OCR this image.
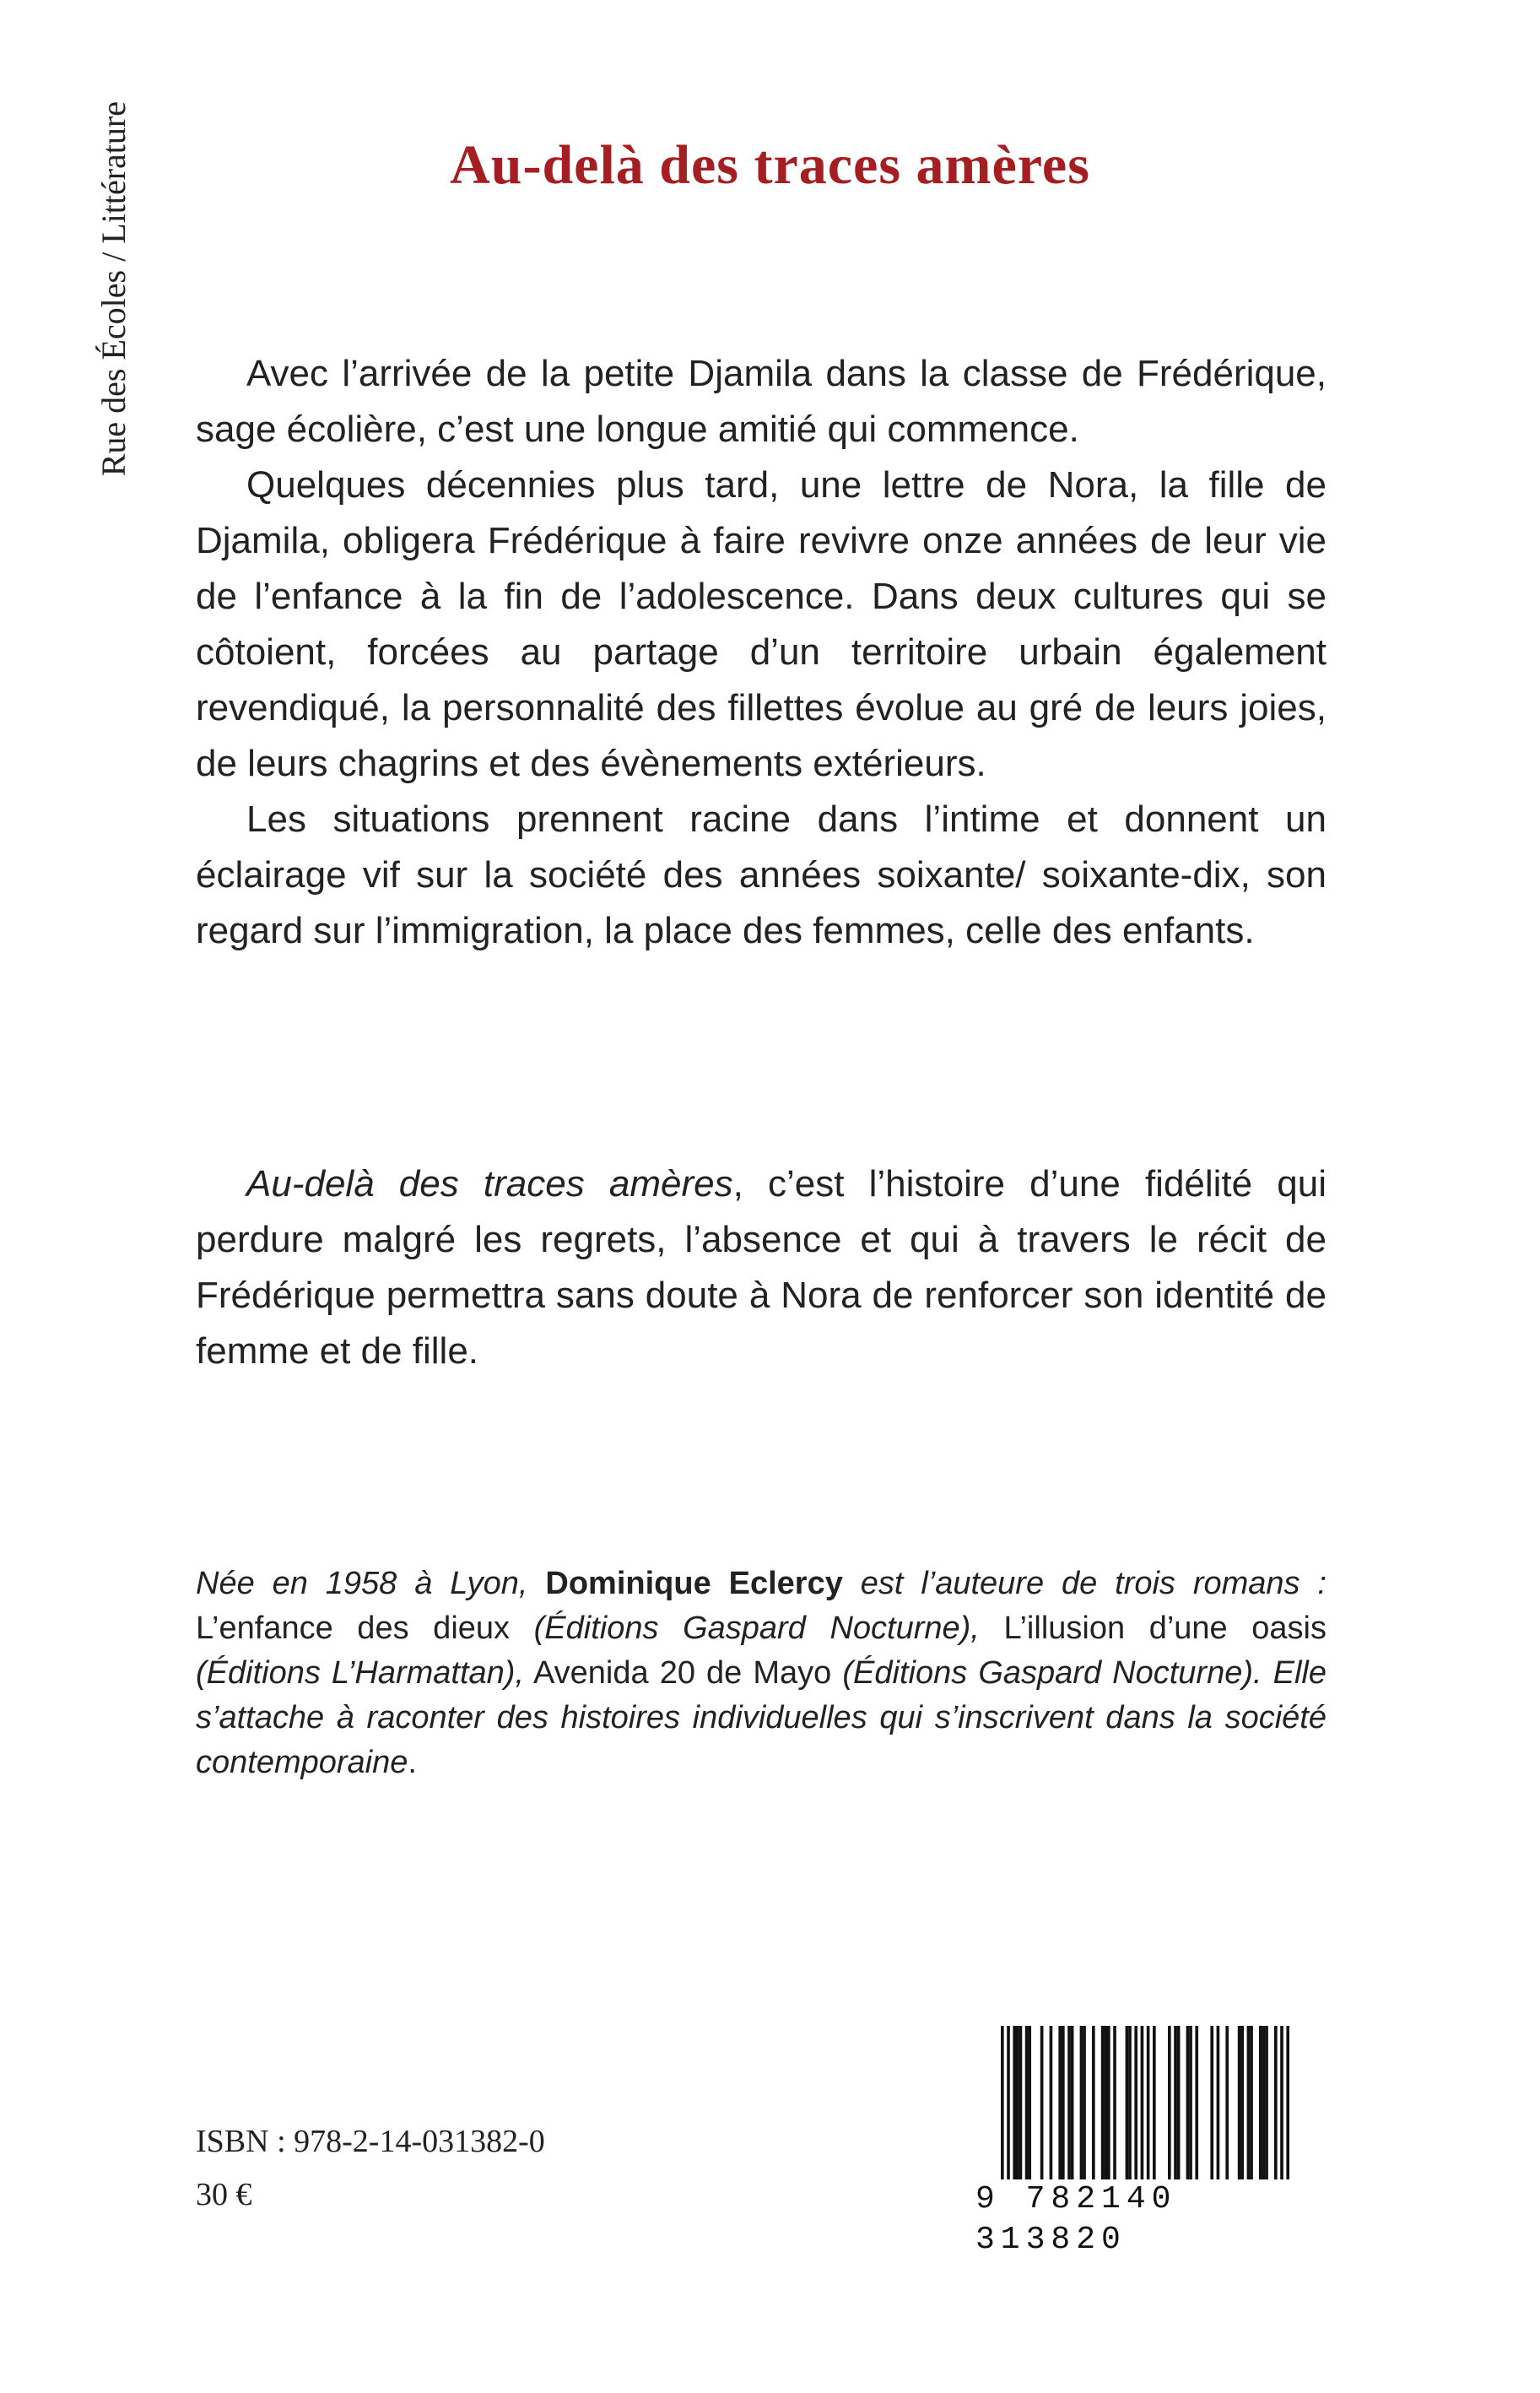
Rue des Écoles / Littérature	Au-delà des traces amères

Avec l’arrivée de la petite Djamila dans la classe de Frédérique, sage écolière, c’est une longue amitié qui commence.

Quelques décennies plus tard, une lettre de Nora, la fille de Djamila, obligera Frédérique à faire revivre onze années de leur vie de l’enfance à la fin de l’adolescence. Dans deux cultures qui se côtoient, forcées au partage d’un territoire urbain également revendiqué, la personnalité des fillettes évolue au gré de leurs joies, de leurs chagrins et des évènements extérieurs.

Les situations prennent racine dans l’intime et donnent un éclairage vif sur la société des années soixante/ soixante-dix, son regard sur l’immigration, la place des femmes, celle des enfants.

Au-delà des traces amères, c’est l’histoire d’une fidélité qui perdure malgré les regrets, l’absence et qui à travers le récit de Frédérique permettra sans doute à Nora de renforcer son identité de femme et de fille.

Née en 1958 à Lyon, Dominique Eclercy est l’auteure de trois romans : L’enfance des dieux (Éditions Gaspard Nocturne), L’illusion d’une oasis (Éditions L’Harmattan), Avenida 20 de Mayo (Éditions Gaspard Nocturne). Elle s’attache à raconter des histoires individuelles qui s’inscrivent dans la société contemporaine.
ISBN : 978-2-14-031382-0
30 €	9 782140 313820
